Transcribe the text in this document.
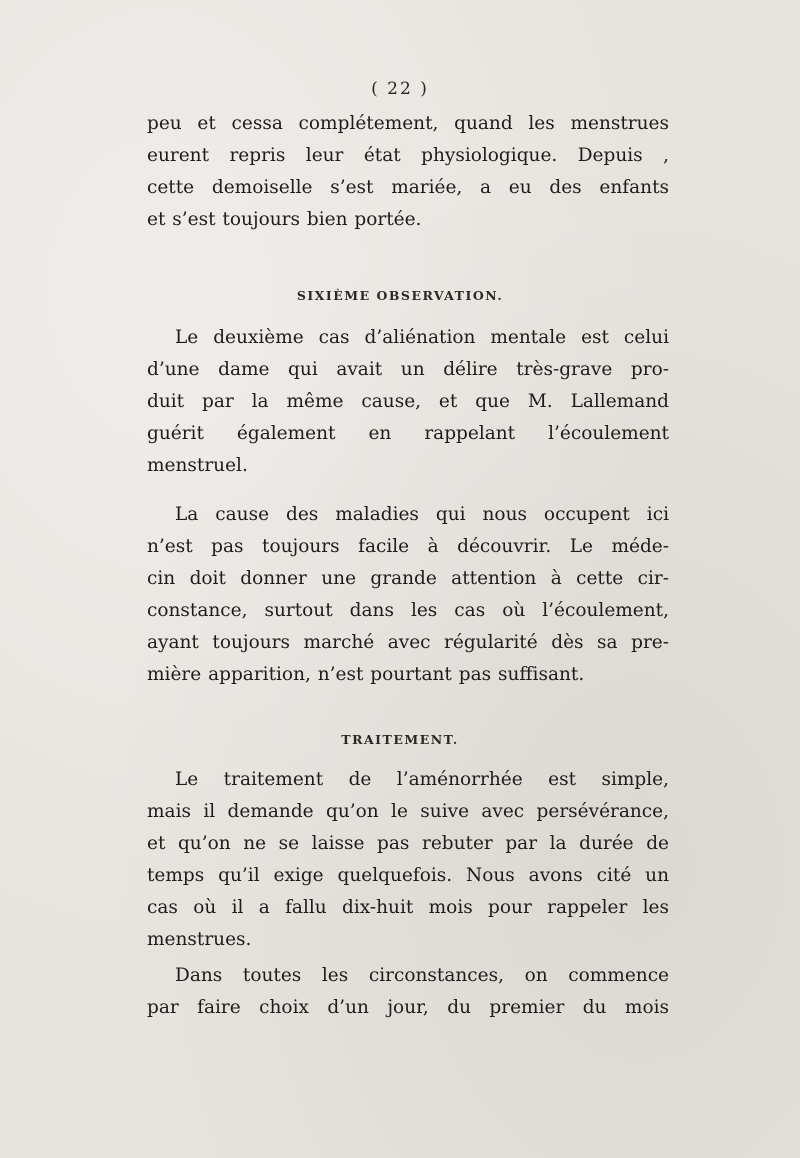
( 22 )
peu et cessa complétement, quand les menstrues
eurent repris leur état physiologique. Depuis ,
cette demoiselle s’est mariée, a eu des enfants
et s’est toujours bien portée.
SIXIÈME OBSERVATION.
Le deuxième cas d’aliénation mentale est celui
d’une dame qui avait un délire très-grave pro-
duit par la même cause, et que M. Lallemand
guérit également en rappelant l’écoulement
menstruel.
La cause des maladies qui nous occupent ici
n’est pas toujours facile à découvrir. Le méde-
cin doit donner une grande attention à cette cir-
constance, surtout dans les cas où l’écoulement,
ayant toujours marché avec régularité dès sa pre-
mière apparition, n’est pourtant pas suffisant.
TRAITEMENT.
Le traitement de l’aménorrhée est simple,
mais il demande qu’on le suive avec persévérance,
et qu’on ne se laisse pas rebuter par la durée de
temps qu’il exige quelquefois. Nous avons cité un
cas où il a fallu dix-huit mois pour rappeler les
menstrues.
Dans toutes les circonstances, on commence
par faire choix d’un jour, du premier du mois
